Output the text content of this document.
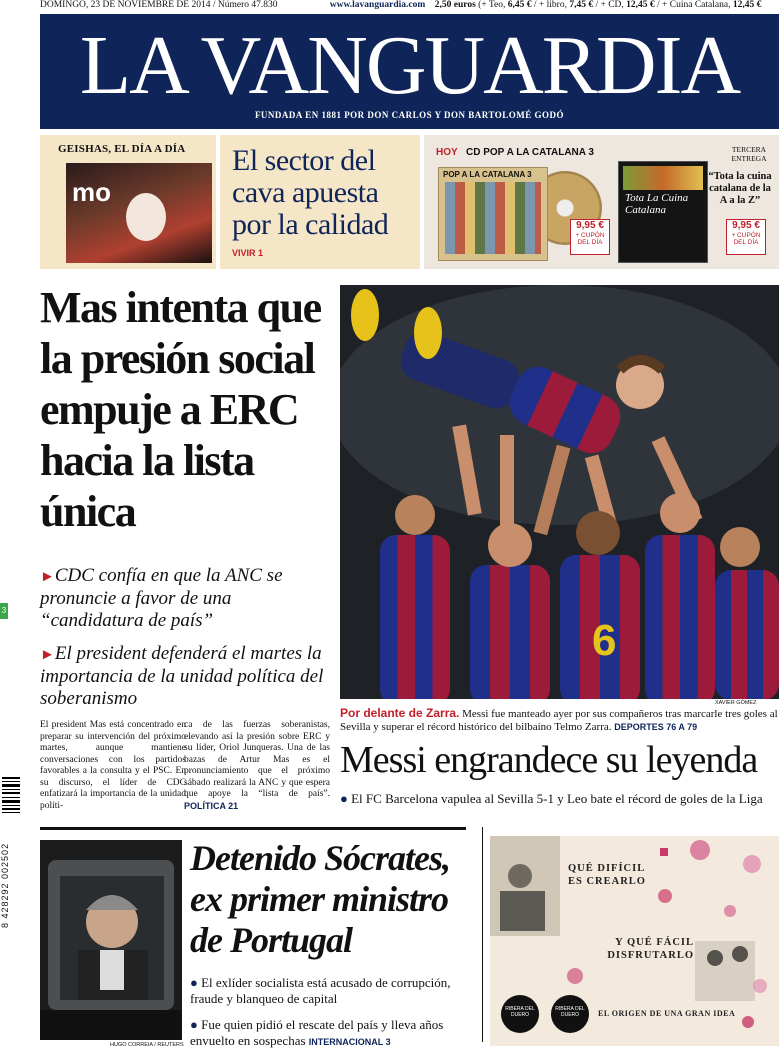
DOMINGO, 23 DE NOVIEMBRE DE 2014 / Número 47.830	www.lavanguardia.com 2,50 euros (+ Teo, 6,45 € / + libro, 7,45 € / + CD, 12,45 € / + Cuina Catalana, 12,45 €
LA VANGUARDIA
FUNDADA EN 1881 POR DON CARLOS Y DON BARTOLOMÉ GODÓ
GEISHAS, EL DÍA A DÍA
mo
El sector del cava apuesta por la calidad
VIVIR 1
HOY CD POP A LA CATALANA 3	TERCERA ENTREGA
“Tota la cuina catalana de la A a la Z”
POP A LA CATALANA 3
Tota La Cuina Catalana
9,95 €
+ CUPÓN DEL DÍA
9,95 €
+ CUPÓN DEL DÍA
Mas intenta que la presión social empuje a ERC hacia la lista única
►CDC confía en que la ANC se pronuncie a favor de una “candidatura de país”
►El president defenderá el martes la importancia de la unidad política del soberanismo
El president Mas está concentrado en preparar su intervención del próximo martes, aunque mantiene conversaciones con los partidos favorables a la consulta y el PSC. En su discurso, el líder de CDC enfatizará la importancia de la unidad políti-
ca de las fuerzas soberanistas, elevando así la presión sobre ERC y su líder, Oriol Junqueras. Una de las bazas de Artur Mas es el pronunciamiento que el próximo sábado realizará la ANC y que espera que apoye la “lista de país”. POLÍTICA 21
6
XAVIER GÓMEZ
Por delante de Zarra. Messi fue manteado ayer por sus compañeros tras marcarle tres goles al Sevilla y superar el récord histórico del bilbaíno Telmo Zarra. DEPORTES 76 A 79
Messi engrandece su leyenda
● El FC Barcelona vapulea al Sevilla 5-1 y Leo bate el récord de goles de la Liga
HUGO CORREIA / REUTERS
Detenido Sócrates, ex primer ministro de Portugal
● El exlíder socialista está acusado de corrupción, fraude y blanqueo de capital
● Fue quien pidió el rescate del país y lleva años envuelto en sospechas INTERNACIONAL 3
QUÉ DIFÍCIL ES CREARLO
Y QUÉ FÁCIL DISFRUTARLO
RIBERA DEL DUERO
RIBERA DEL DUERO	EL ORIGEN DE UNA GRAN IDEA
3
8 428292 002502
